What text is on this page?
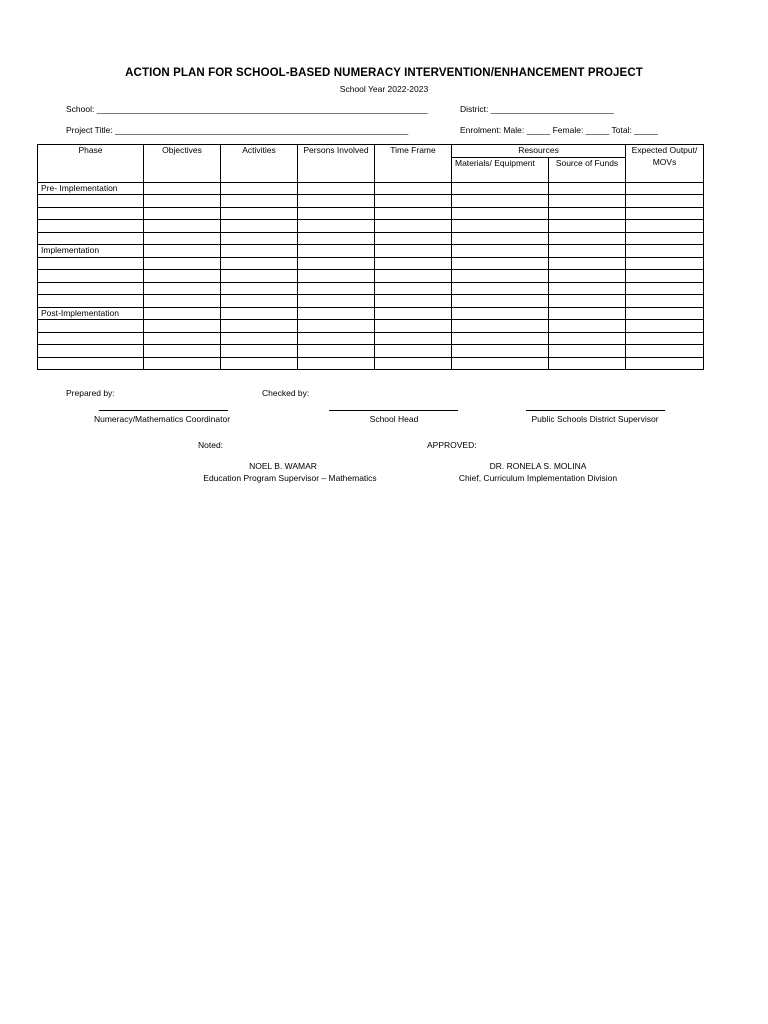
ACTION PLAN FOR SCHOOL-BASED NUMERACY INTERVENTION/ENHANCEMENT PROJECT
School Year 2022-2023
School: ______________________________________________________________________	District: __________________________
Project Title: ______________________________________________________________	Enrolment: Male: _____ Female: _____ Total: _____
Phase	Objectives	Activities	Persons Involved	Time Frame	Resources		Expected Output/ MOVs
					Materials/ Equipment	Source of Funds	
Pre- Implementation							

Implementation							

Post-Implementation							

Prepared by:	Checked by:
Numeracy/Mathematics Coordinator	School Head	Public Schools District Supervisor
Noted:	APPROVED:
NOEL B. WAMAR
Education Program Supervisor – Mathematics
DR. RONELA S. MOLINA
Chief, Curriculum Implementation Division
